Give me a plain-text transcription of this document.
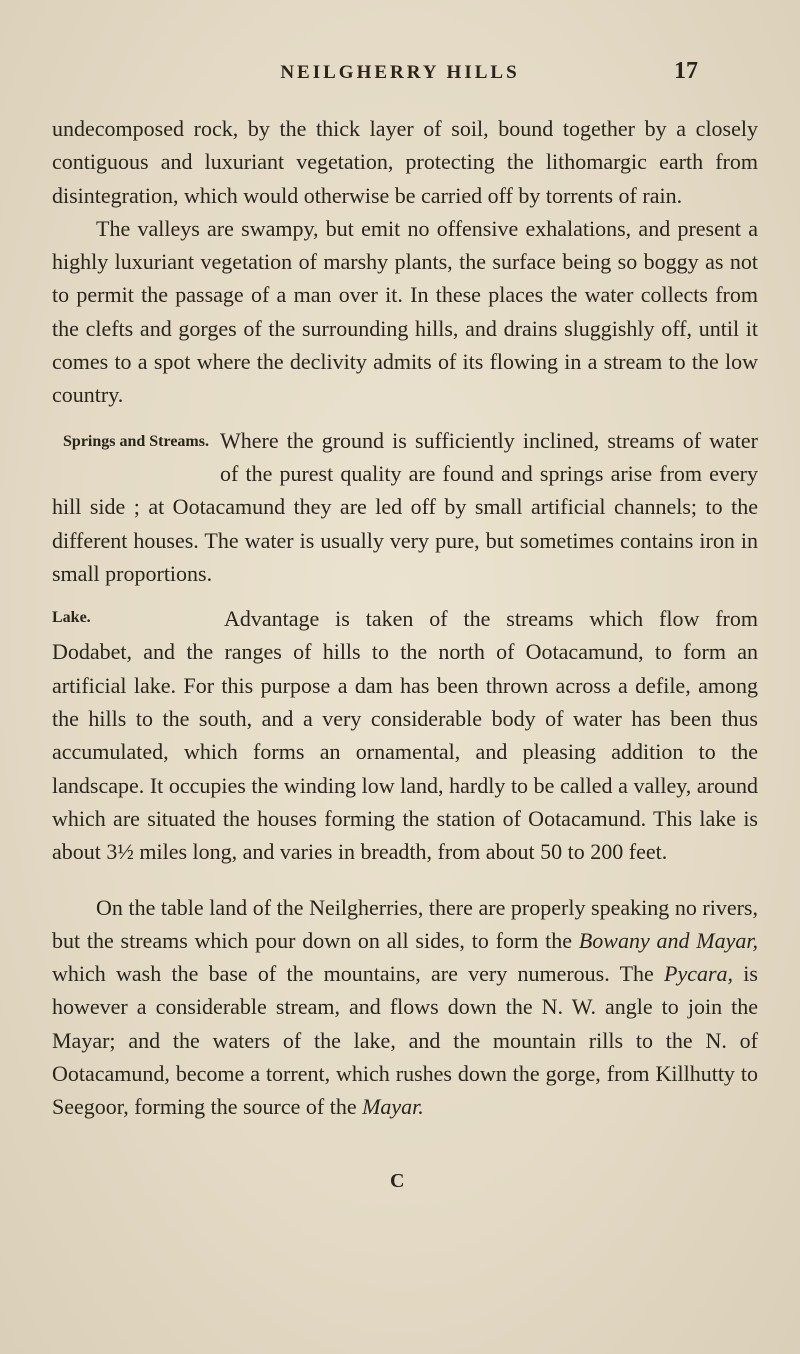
NEILGHERRY HILLS	17

undecomposed rock, by the thick layer of soil, bound together by a closely contiguous and luxuriant vegetation, protecting the lithomargic earth from disintegration, which would otherwise be carried off by torrents of rain.

The valleys are swampy, but emit no offensive exhalations, and present a highly luxuriant vegetation of marshy plants, the surface being so boggy as not to permit the passage of a man over it. In these places the water collects from the clefts and gorges of the surrounding hills, and drains sluggishly off, until it comes to a spot where the declivity admits of its flowing in a stream to the low country.

Springs and Streams. Where the ground is sufficiently inclined, streams of water of the purest quality are found and springs arise from every hill side ; at Ootacamund they are led off by small artificial channels; to the different houses. The water is usually very pure, but sometimes contains iron in small proportions.

Lake.	Advantage is taken of the streams which flow from Dodabet, and the ranges of hills to the north of Ootacamund, to form an artificial lake. For this purpose a dam has been thrown across a defile, among the hills to the south, and a very considerable body of water has been thus accumulated, which forms an ornamental, and pleasing addition to the landscape. It occupies the winding low land, hardly to be called a valley, around which are situated the houses forming the station of Ootacamund. This lake is about 3½ miles long, and varies in breadth, from about 50 to 200 feet.

On the table land of the Neilgherries, there are properly speaking no rivers, but the streams which pour down on all sides, to form the Bowany and Mayar, which wash the base of the mountains, are very numerous. The Pycara, is however a considerable stream, and flows down the N. W. angle to join the Mayar; and the waters of the lake, and the mountain rills to the N. of Ootacamund, become a torrent, which rushes down the gorge, from Killhutty to Seegoor, forming the source of the Mayar.

C
